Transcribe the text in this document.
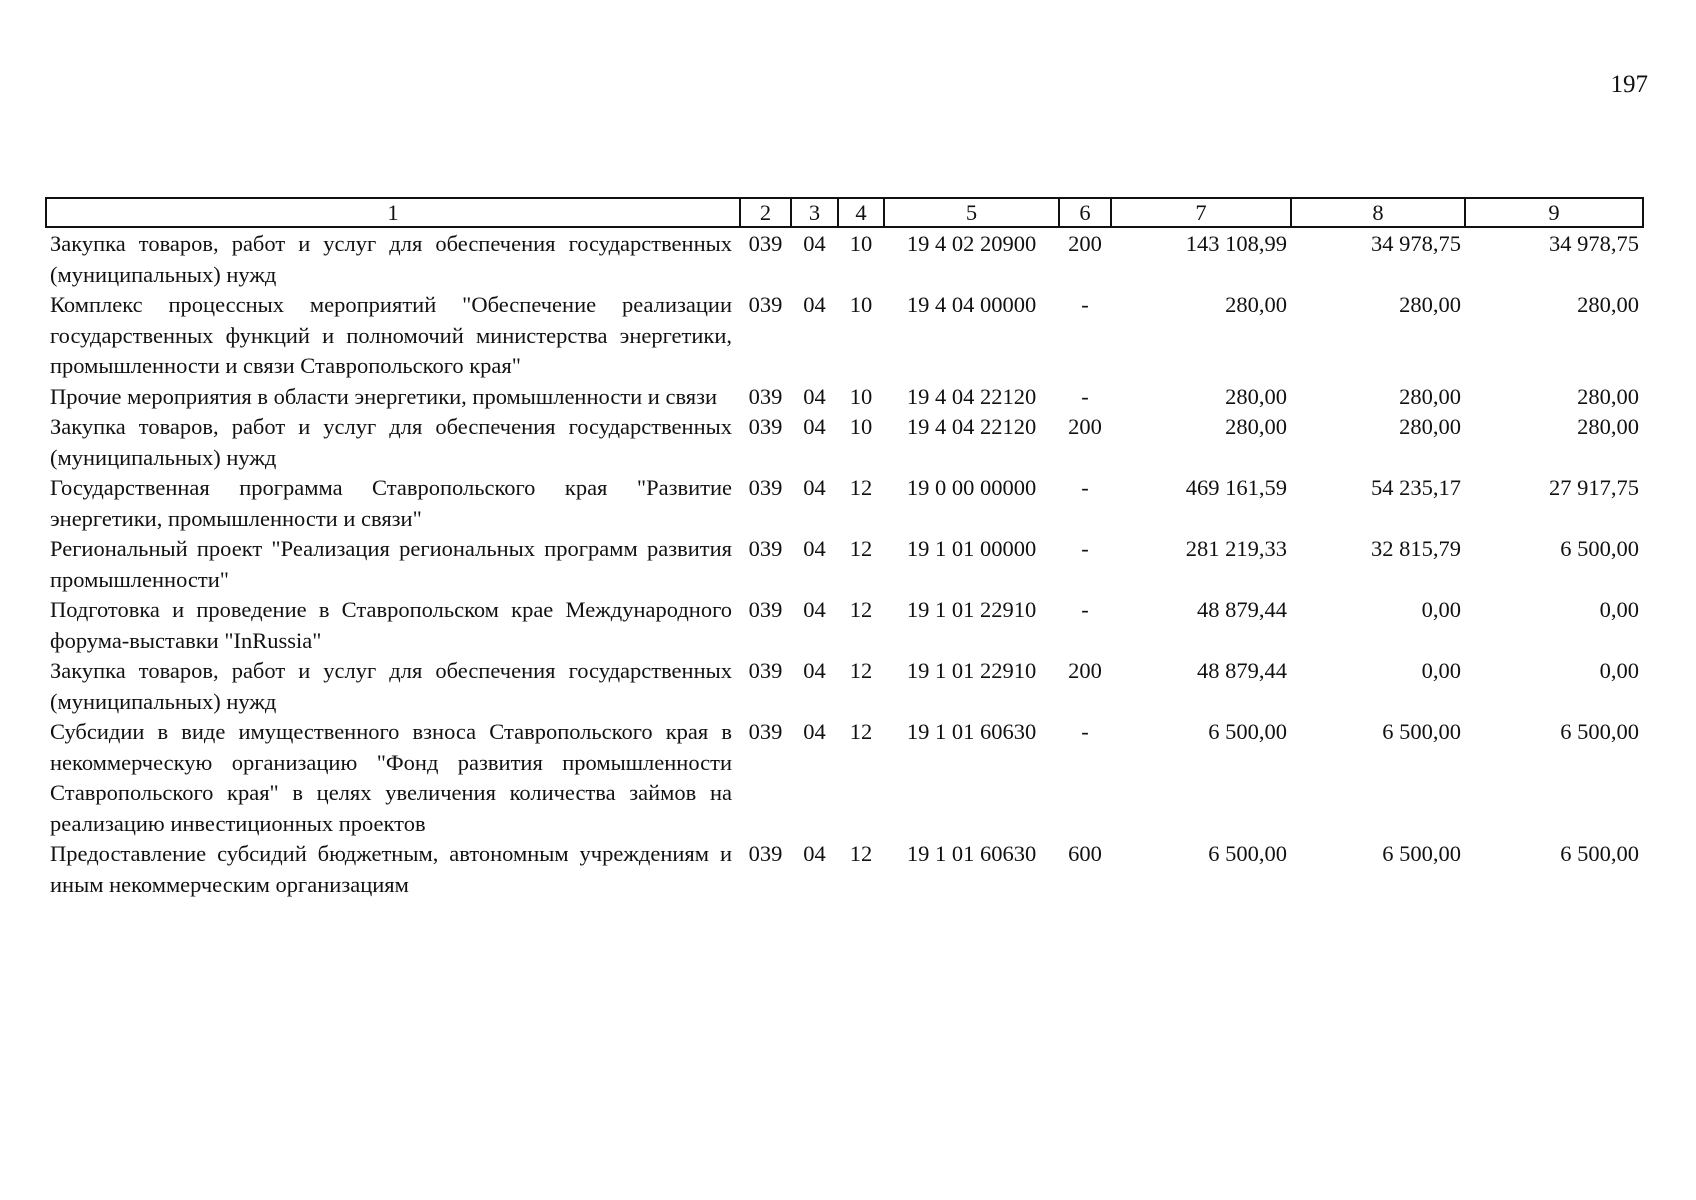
197
1	2	3	4	5	6	7	8	9
Закупка товаров, работ и услуг для обеспечения государственных (муниципальных) нужд	039	04	10	19 4 02 20900	200	143 108,99	34 978,75	34 978,75
Комплекс процессных мероприятий "Обеспечение реализации государственных функций и полномочий министерства энергетики, промышленности и связи Ставропольского края"	039	04	10	19 4 04 00000	-	280,00	280,00	280,00
Прочие мероприятия в области энергетики, промышленности и связи	039	04	10	19 4 04 22120	-	280,00	280,00	280,00
Закупка товаров, работ и услуг для обеспечения государственных (муниципальных) нужд	039	04	10	19 4 04 22120	200	280,00	280,00	280,00
Государственная программа Ставропольского края "Развитие энергетики, промышленности и связи"	039	04	12	19 0 00 00000	-	469 161,59	54 235,17	27 917,75
Региональный проект "Реализация региональных программ развития промышленности"	039	04	12	19 1 01 00000	-	281 219,33	32 815,79	6 500,00
Подготовка и проведение в Ставропольском крае Международного форума-выставки "InRussia"	039	04	12	19 1 01 22910	-	48 879,44	0,00	0,00
Закупка товаров, работ и услуг для обеспечения государственных (муниципальных) нужд	039	04	12	19 1 01 22910	200	48 879,44	0,00	0,00
Субсидии в виде имущественного взноса Ставропольского края в некоммерческую организацию "Фонд развития промышленности Ставропольского края" в целях увеличения количества займов на реализацию инвестиционных проектов	039	04	12	19 1 01 60630	-	6 500,00	6 500,00	6 500,00
Предоставление субсидий бюджетным, автономным учреждениям и иным некоммерческим организациям	039	04	12	19 1 01 60630	600	6 500,00	6 500,00	6 500,00
